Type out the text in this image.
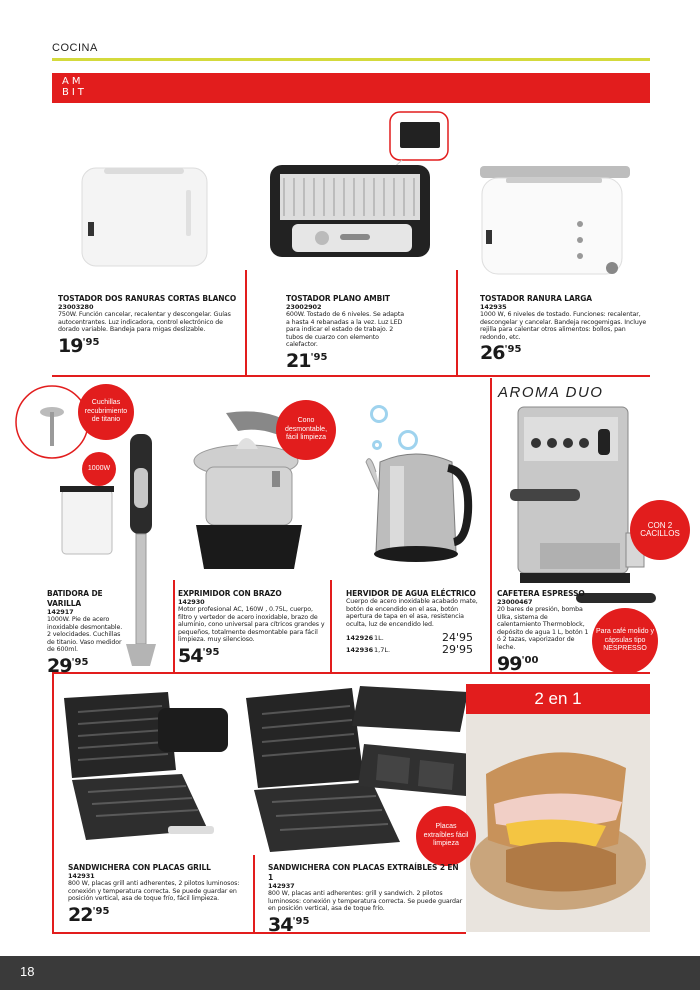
COCINA
AM
BIT
Cuchillas recubrimiento de titanio
1000W
Cono desmontable, fácil limpieza
CON 2 CACILLOS
Para café molido y cápsulas tipo NESPRESSO
Placas extraíbles fácil limpieza
AROMA DUO
2 en 1
TOSTADOR DOS RANURAS CORTAS BLANCO
23003280
750W. Función cancelar, recalentar y descongelar. Guías autocentrantes. Luz indicadora, control electrónico de dorado variable. Bandeja para migas deslizable.
$19^{'95}$
TOSTADOR PLANO AMBIT
23002902
600W. Tostado de 6 niveles. Se adapta a hasta 4 rebanadas a la vez. Luz LED para indicar el estado de trabajo. 2 tubos de cuarzo con elemento calefactor.
$21^{'95}$
TOSTADOR RANURA LARGA
142935
1000 W, 6 niveles de tostado. Funciones: recalentar, descongelar y cancelar. Bandeja recogemigas. Incluye rejilla para calentar otros alimentos: bollos, pan redondo, etc.
$26^{'95}$
BATIDORA DE VARILLA
142917
1000W. Pie de acero inoxidable desmontable. 2 velocidades. Cuchillas de titanio. Vaso medidor de 600ml.
$29^{'95}$
EXPRIMIDOR CON BRAZO
142930
Motor profesional AC, 160W , 0.75L, cuerpo, filtro y vertedor de acero inoxidable, brazo de aluminio, cono universal para cítricos grandes y pequeños, totalmente desmontable para fácil limpieza. muy silencioso.
$54^{'95}$
HERVIDOR DE AGUA ELÉCTRICO
Cuerpo de acero inoxidable acabado mate, botón de encendido en el asa, botón apertura de tapa en el asa, resistencia oculta, luz de encendido led.
142926 1L.	24'95
142936 1,7L.	29'95
CAFETERA ESPRESSO
23000467
20 bares de presión, bomba Ulka, sistema de calentamiento Thermoblock, depósito de agua 1 L, botón 1 ó 2 tazas, vaporizador de leche.
$99^{'00}$
SANDWICHERA CON PLACAS GRILL
142931
800 W, placas grill anti adherentes, 2 pilotos luminosos: conexión y temperatura correcta. Se puede guardar en posición vertical, asa de toque frío, fácil limpieza.
$22^{'95}$
SANDWICHERA CON PLACAS EXTRAÍBLES 2 EN 1
142937
800 W, placas anti adherentes: grill y sandwich. 2 pilotos luminosos: conexión y temperatura correcta. Se puede guardar en posición vertical, asa de toque frío.
$34^{'95}$
18
